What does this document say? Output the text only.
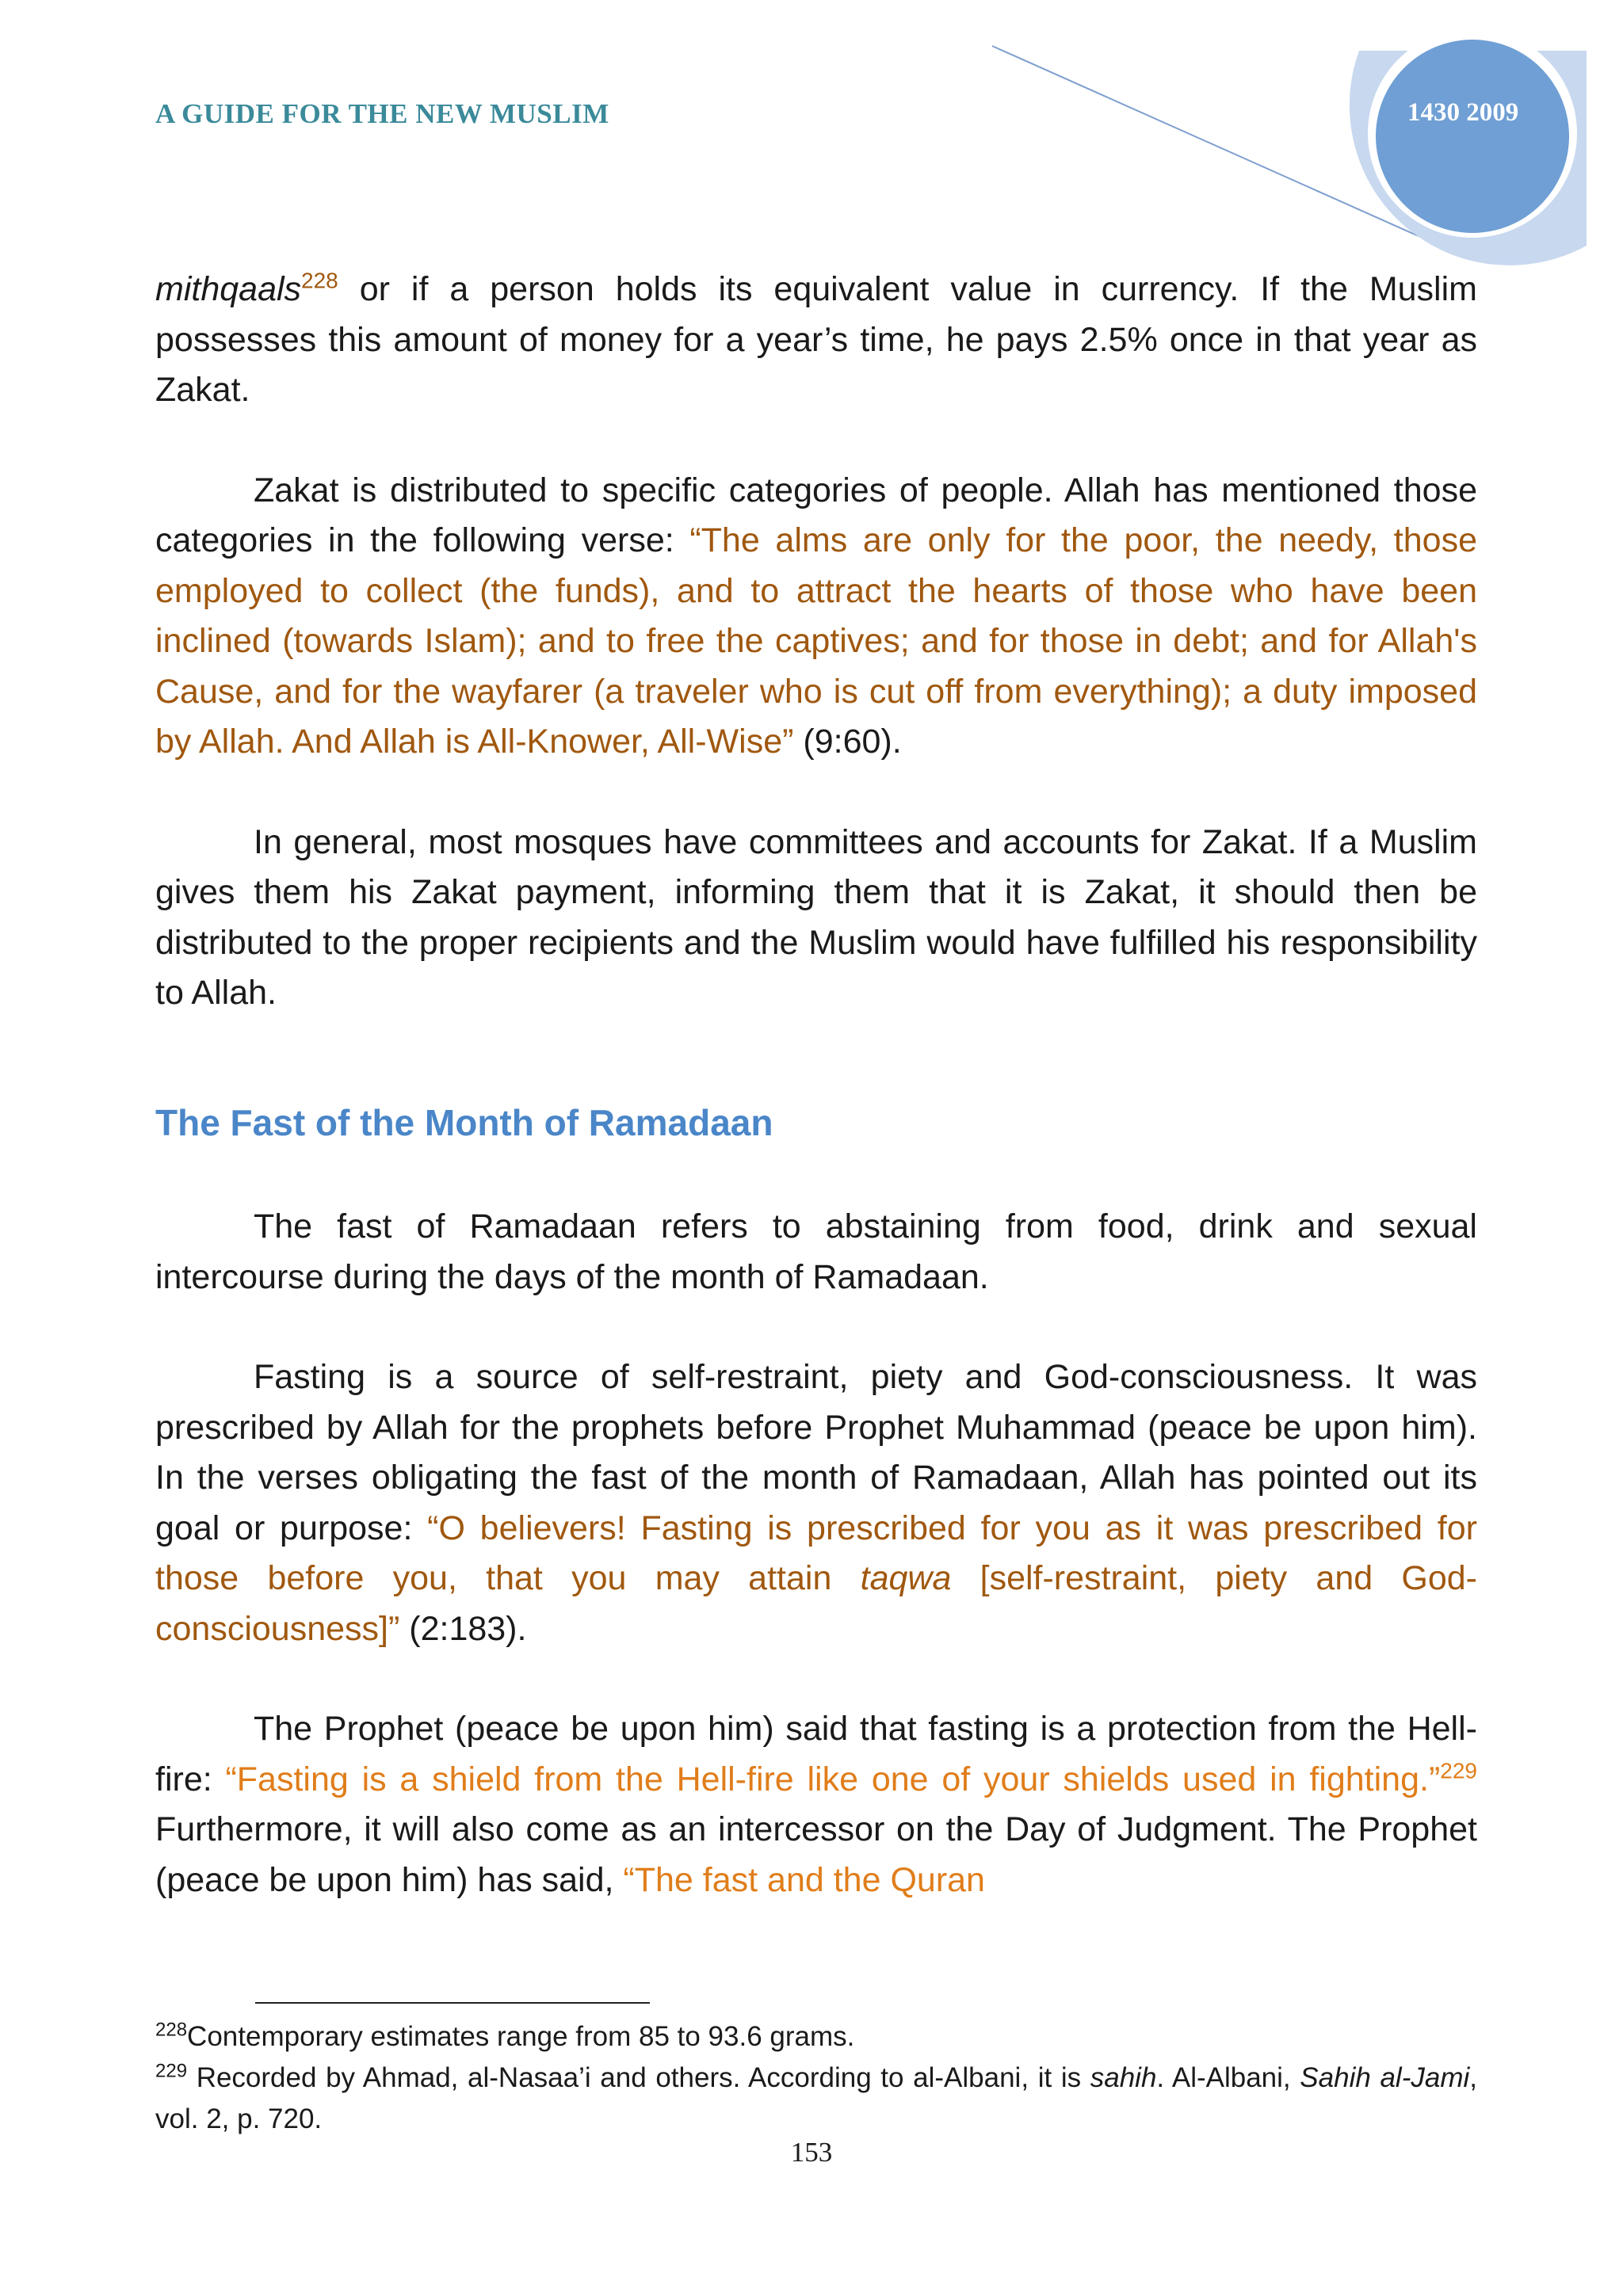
A GUIDE FOR THE NEW MUSLIM	1430 2009

mithqaals$^{228}$ or if a person holds its equivalent value in currency. If the Muslim possesses this amount of money for a year’s time, he pays 2.5% once in that year as Zakat.

Zakat is distributed to specific categories of people. Allah has mentioned those categories in the following verse: “The alms are only for the poor, the needy, those employed to collect (the funds), and to attract the hearts of those who have been inclined (towards Islam); and to free the captives; and for those in debt; and for Allah's Cause, and for the wayfarer (a traveler who is cut off from everything); a duty imposed by Allah. And Allah is All-Knower, All-Wise” (9:60).

In general, most mosques have committees and accounts for Zakat. If a Muslim gives them his Zakat payment, informing them that it is Zakat, it should then be distributed to the proper recipients and the Muslim would have fulfilled his responsibility to Allah.

The Fast of the Month of Ramadaan

The fast of Ramadaan refers to abstaining from food, drink and sexual intercourse during the days of the month of Ramadaan.

Fasting is a source of self-restraint, piety and God-consciousness. It was prescribed by Allah for the prophets before Prophet Muhammad (peace be upon him). In the verses obligating the fast of the month of Ramadaan, Allah has pointed out its goal or purpose: “O believers! Fasting is prescribed for you as it was prescribed for those before you, that you may attain taqwa [self-restraint, piety and God-consciousness]” (2:183).

The Prophet (peace be upon him) said that fasting is a protection from the Hell-fire: “Fasting is a shield from the Hell-fire like one of your shields used in fighting.”$^{229}$ Furthermore, it will also come as an intercessor on the Day of Judgment. The Prophet (peace be upon him) has said, “The fast and the Quran

$^{228}$Contemporary estimates range from 85 to 93.6 grams.

$^{229}$ Recorded by Ahmad, al-Nasaa’i and others. According to al-Albani, it is sahih. Al-Albani, Sahih al-Jami, vol. 2, p. 720.

153
